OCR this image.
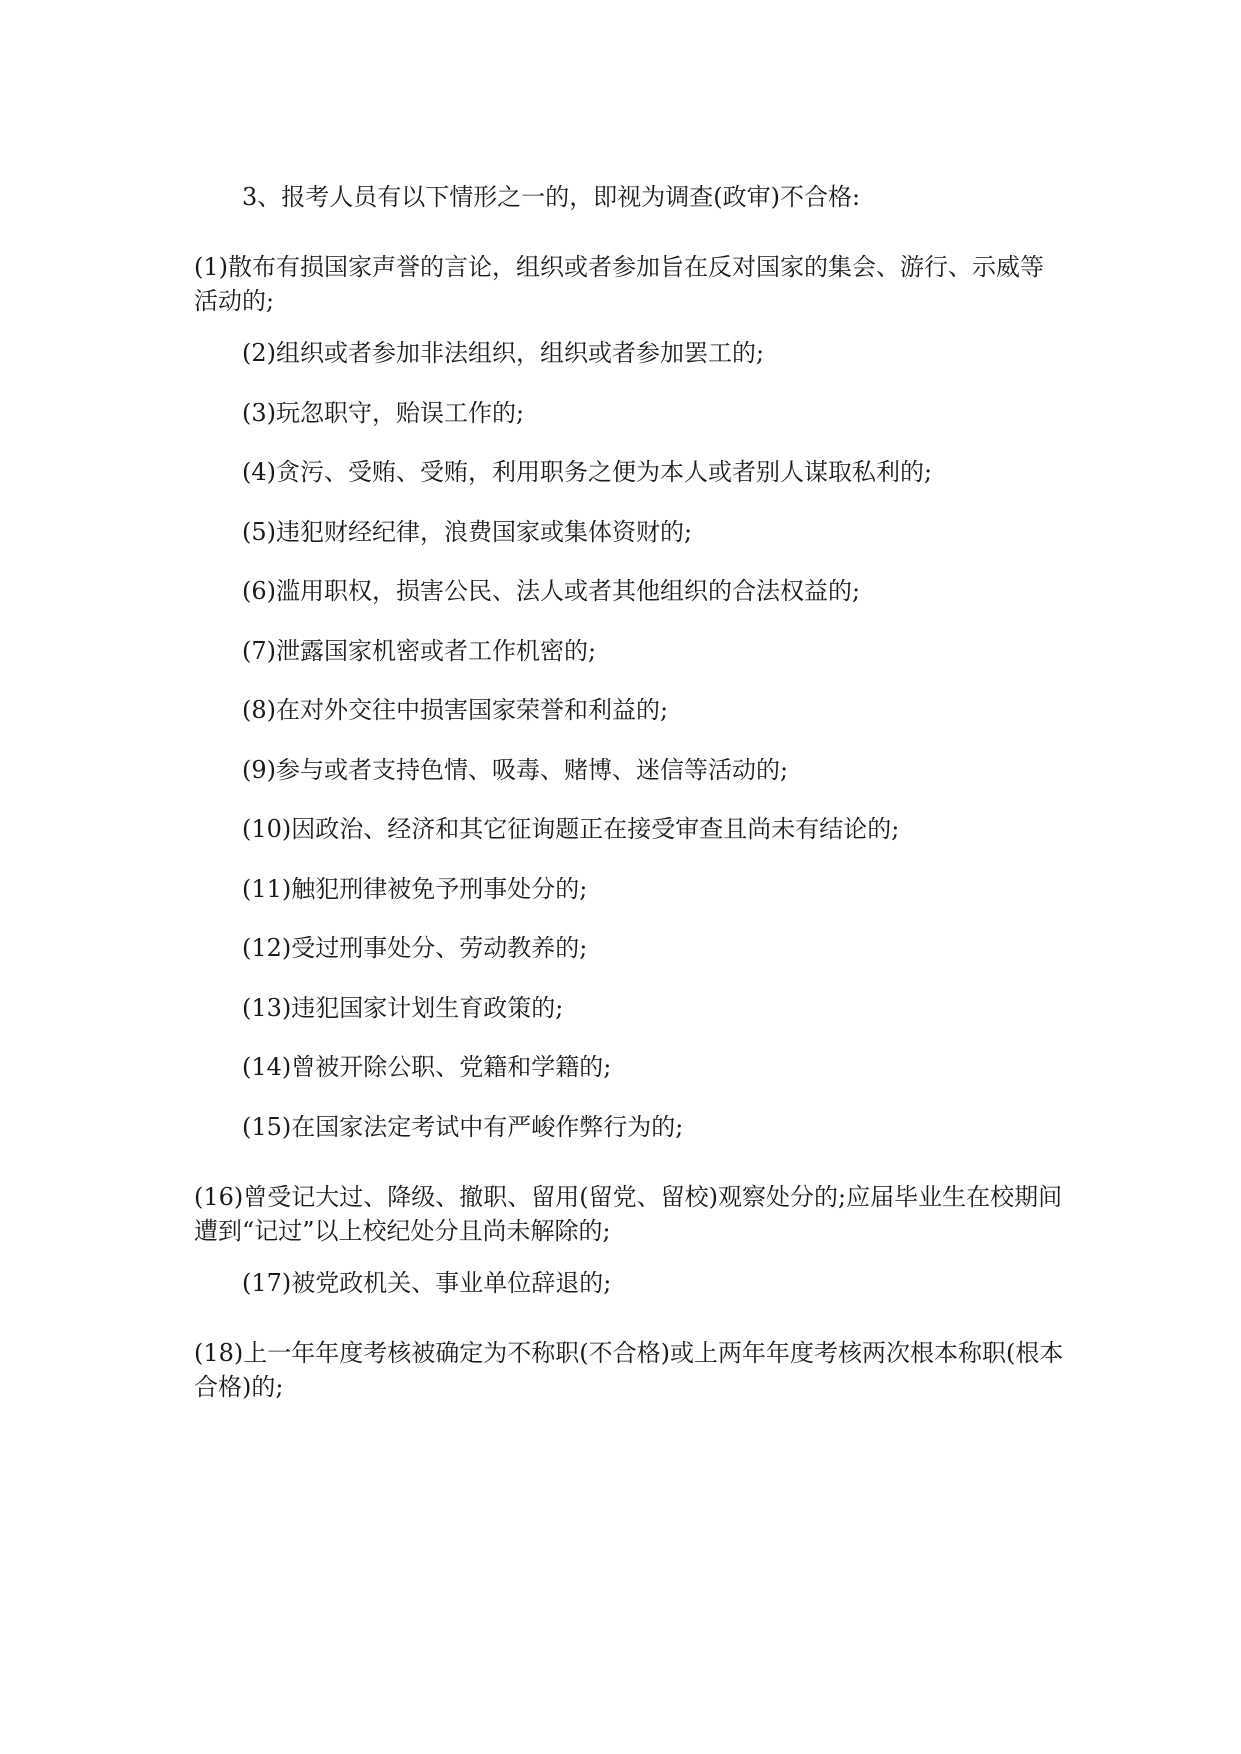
3、报考人员有以下情形之一的，即视为调查(政审)不合格:
(1)散布有损国家声誉的言论，组织或者参加旨在反对国家的集会、游行、示威等活动的;
(2)组织或者参加非法组织，组织或者参加罢工的;
(3)玩忽职守，贻误工作的;
(4)贪污、受贿、受贿，利用职务之便为本人或者别人谋取私利的;
(5)违犯财经纪律，浪费国家或集体资财的;
(6)滥用职权，损害公民、法人或者其他组织的合法权益的;
(7)泄露国家机密或者工作机密的;
(8)在对外交往中损害国家荣誉和利益的;
(9)参与或者支持色情、吸毒、赌博、迷信等活动的;
(10)因政治、经济和其它征询题正在接受审查且尚未有结论的;
(11)触犯刑律被免予刑事处分的;
(12)受过刑事处分、劳动教养的;
(13)违犯国家计划生育政策的;
(14)曾被开除公职、党籍和学籍的;
(15)在国家法定考试中有严峻作弊行为的;
(16)曾受记大过、降级、撤职、留用(留党、留校)观察处分的;应届毕业生在校期间遭到“记过”以上校纪处分且尚未解除的;
(17)被党政机关、事业单位辞退的;
(18)上一年年度考核被确定为不称职(不合格)或上两年年度考核两次根本称职(根本合格)的;
